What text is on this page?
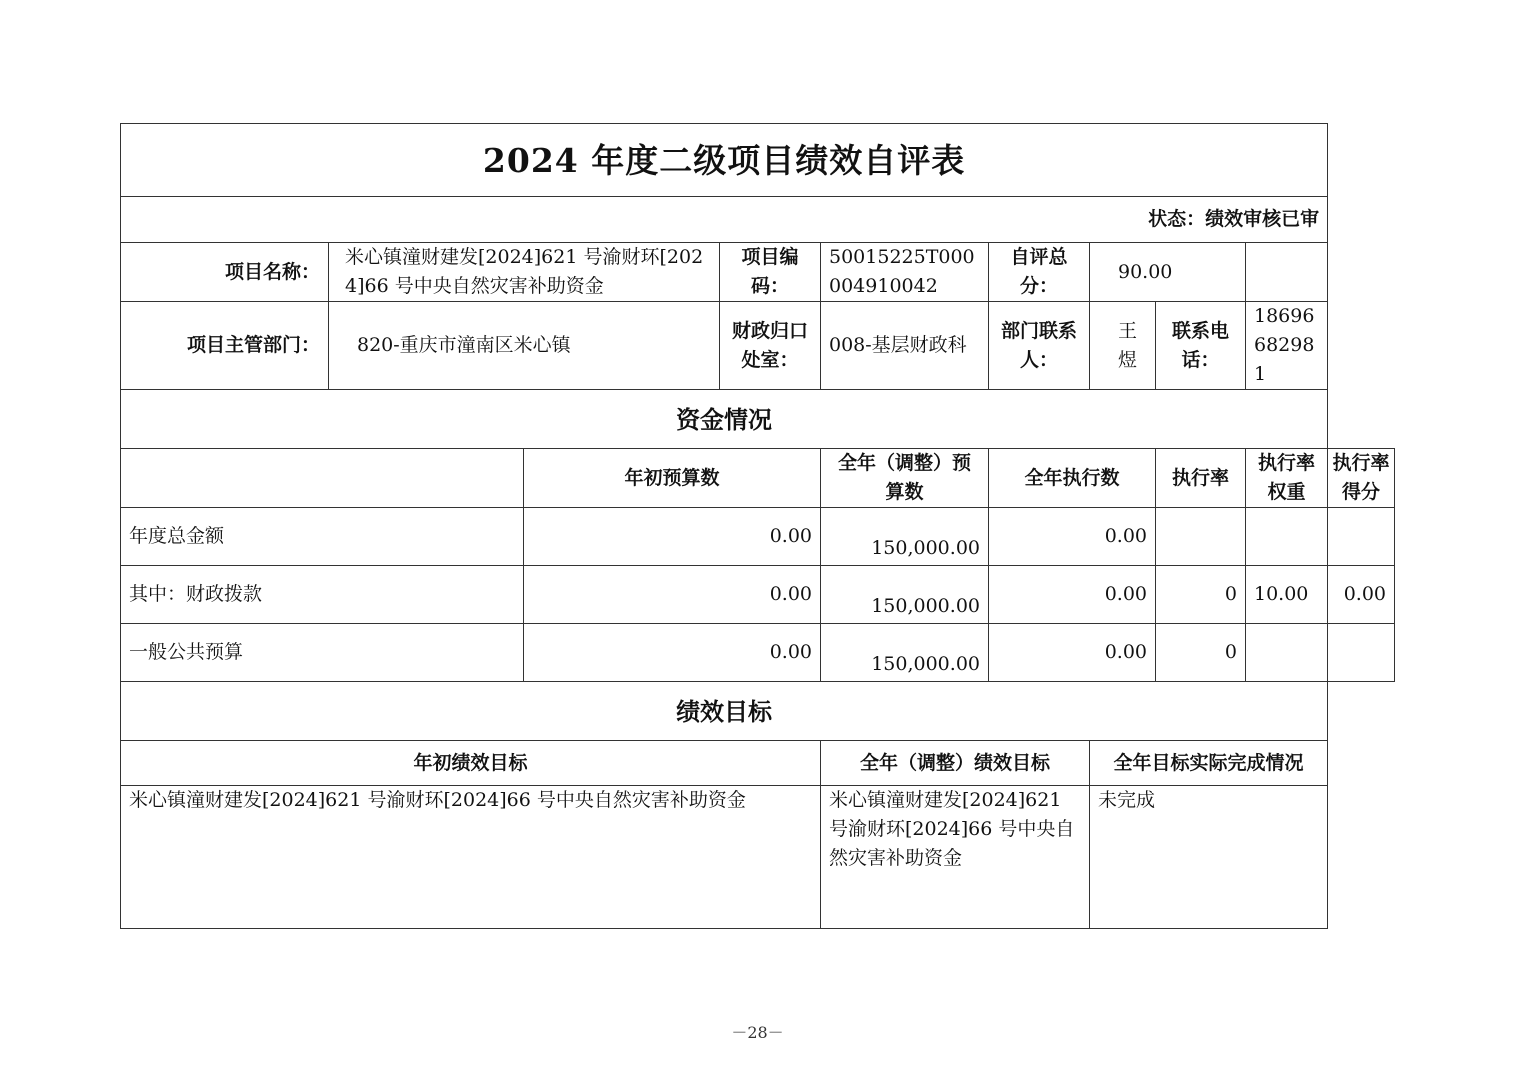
2024 年度二级项目绩效自评表									
状态：绩效审核已审									
项目名称：	米心镇潼财建发[2024]621 号渝财环[2024]66 号中央自然灾害补助资金		项目编码：	50015225T000004910042	自评总分：	90.00			
项目主管部门：	820-重庆市潼南区米心镇		财政归口处室：	008-基层财政科	部门联系人：	王煜	联系电话：	18696682981	
资金情况									
		年初预算数		全年（调整）预算数	全年执行数		执行率	执行率权重	执行率得分
年度总金额		0.00		150,000.00	0.00				
其中：财政拨款		0.00		150,000.00	0.00		0	10.00	0.00
一般公共预算		0.00		150,000.00	0.00		0		
绩效目标									
年初绩效目标				全年（调整）绩效目标		全年目标实际完成情况			
米心镇潼财建发[2024]621 号渝财环[2024]66 号中央自然灾害补助资金				米心镇潼财建发[2024]621 号渝财环[2024]66 号中央自然灾害补助资金		未完成			
－28－
